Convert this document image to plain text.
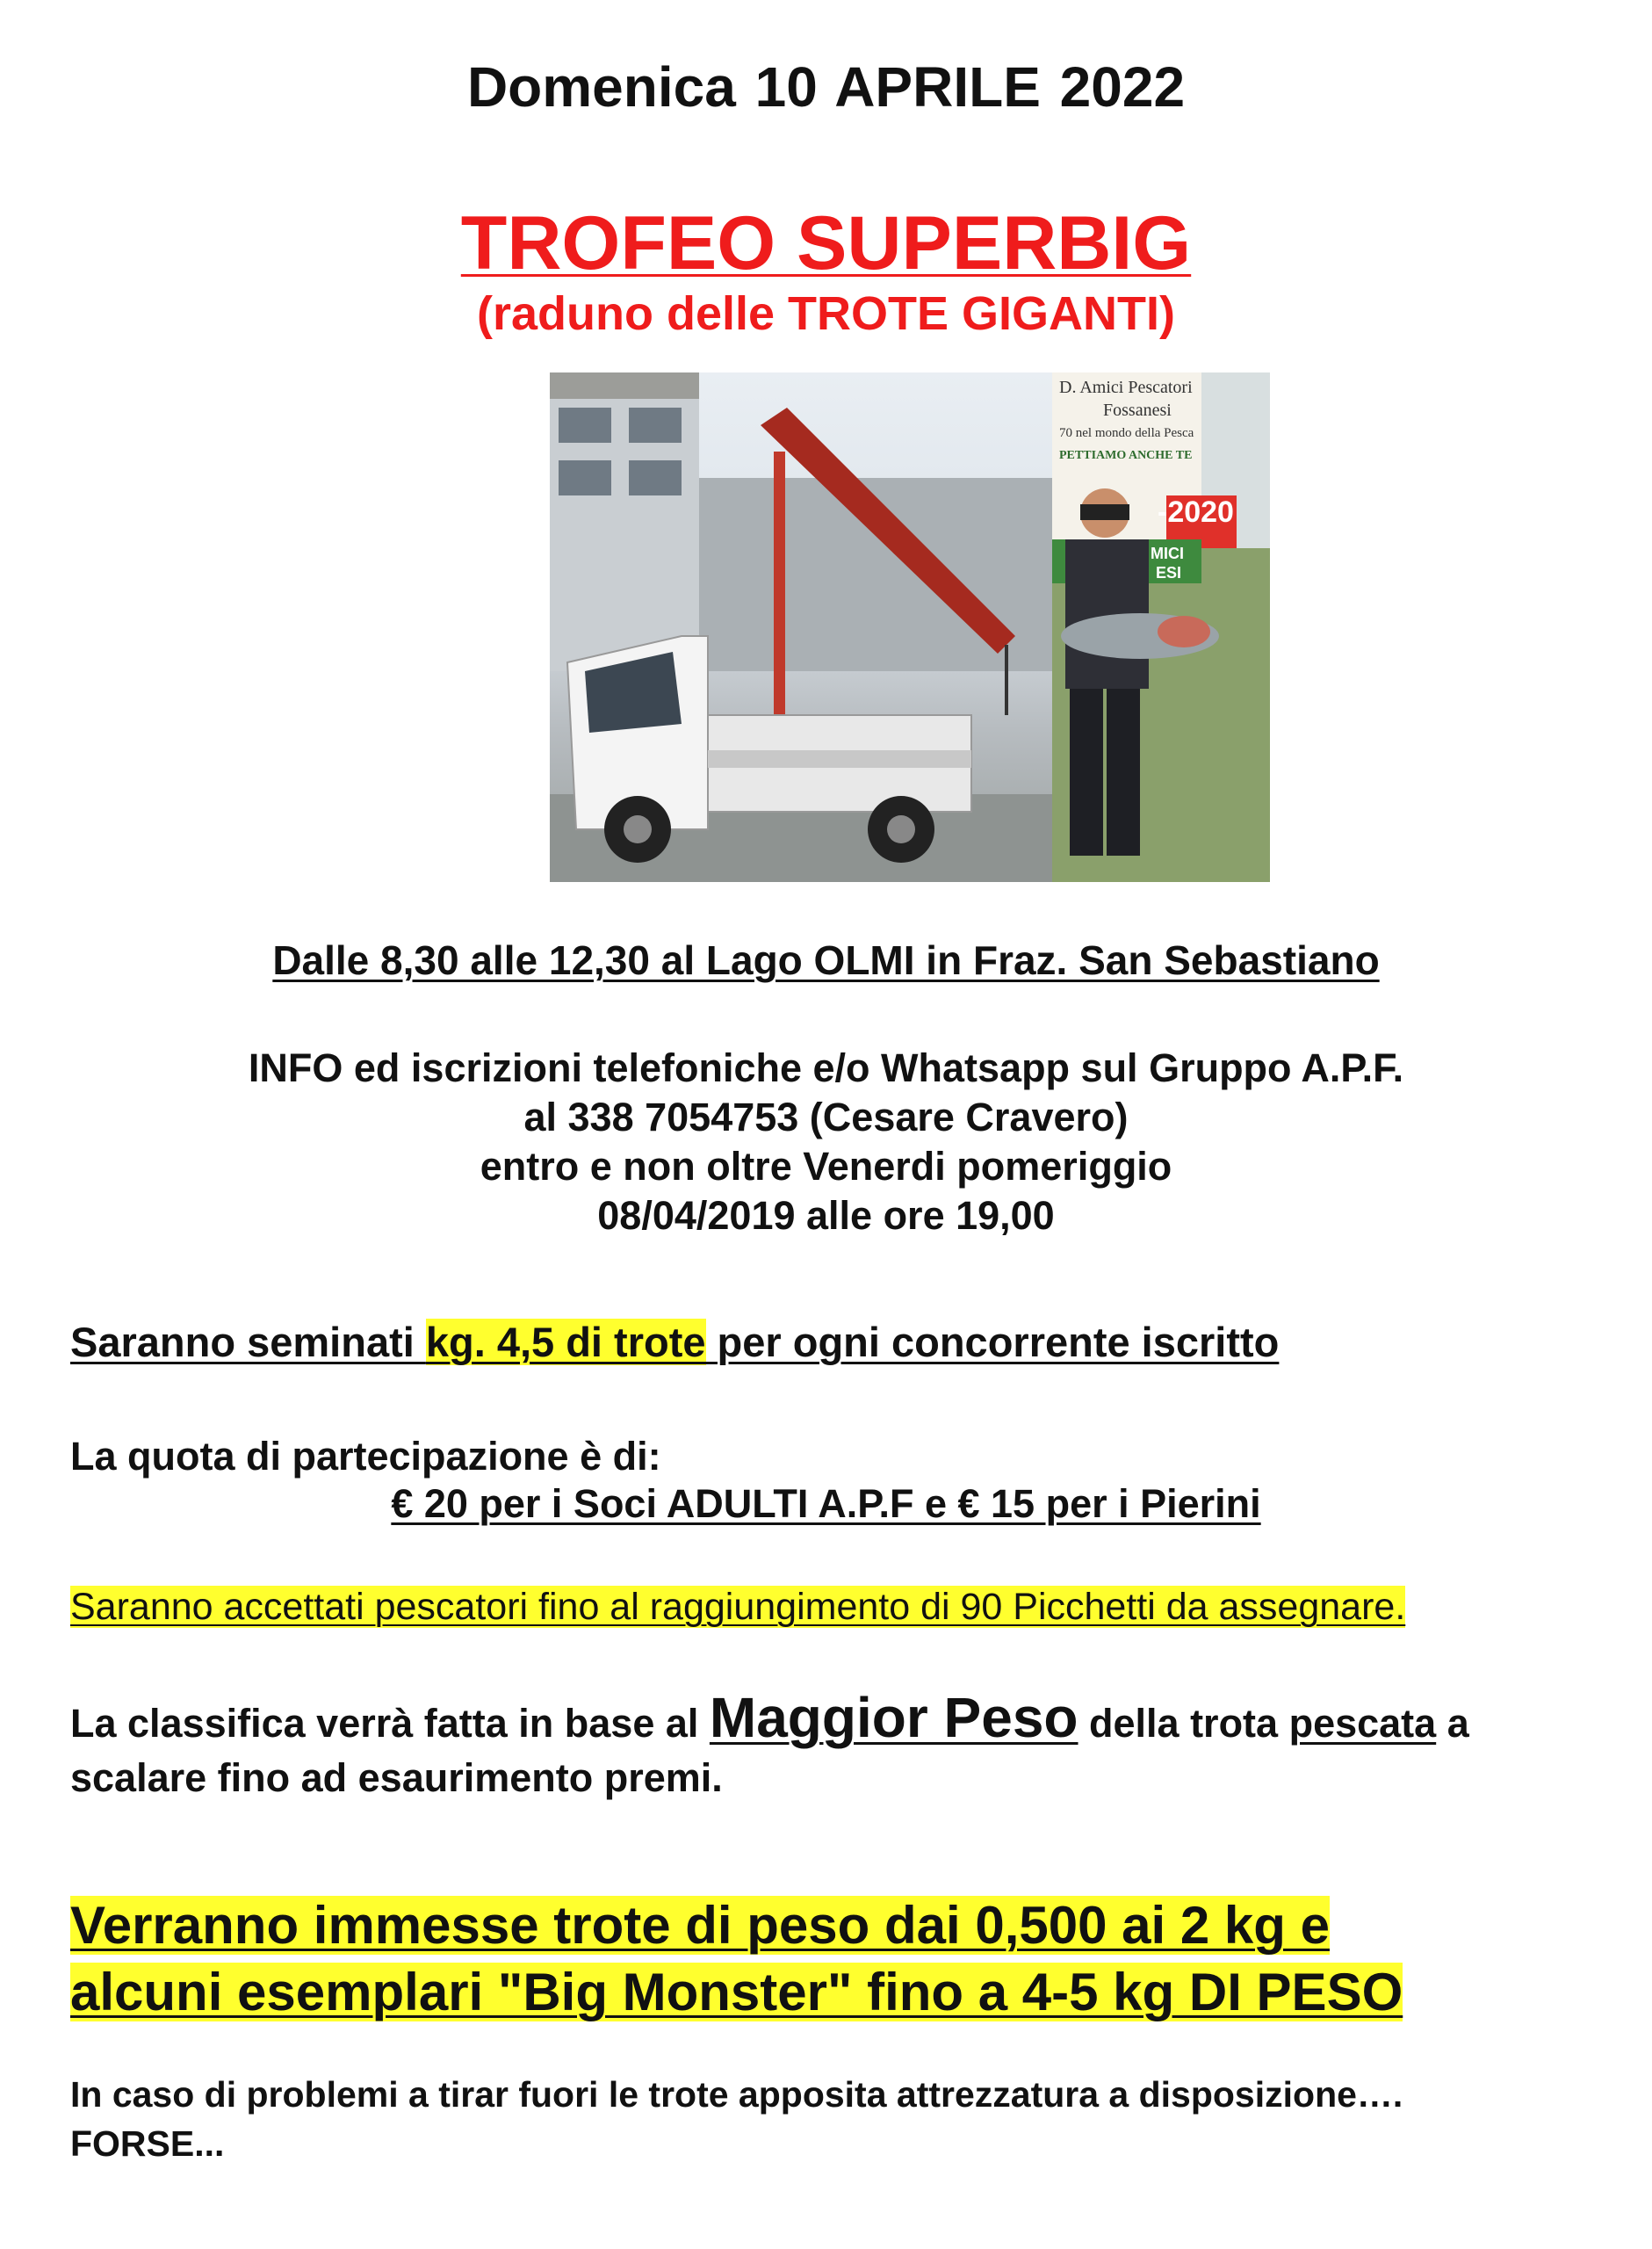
Domenica 10 APRILE 2022
TROFEO SUPERBIG
(raduno delle TROTE GIGANTI)
D. Amici Pescatori
Fossanesi
70 nel mondo della Pesca
PETTIAMO ANCHE TE
-2020
MICI
ESI
Dalle 8,30 alle 12,30 al Lago OLMI in Fraz. San Sebastiano
INFO ed iscrizioni telefoniche e/o Whatsapp sul Gruppo A.P.F.
al 338 7054753 (Cesare Cravero)
entro e non oltre Venerdi pomeriggio
08/04/2019 alle ore 19,00
Saranno seminati kg. 4,5 di trote per ogni concorrente iscritto
La quota di partecipazione è di:
€ 20 per i Soci ADULTI A.P.F e € 15 per i Pierini
Saranno accettati pescatori fino al raggiungimento di 90 Picchetti da assegnare.
La classifica verrà fatta in base al Maggior Peso della trota pescata a scalare fino ad esaurimento premi.
Verranno immesse trote di peso dai 0,500 ai 2 kg e
alcuni esemplari "Big Monster" fino a 4-5 kg DI PESO
In caso di problemi a tirar fuori le trote apposita attrezzatura a disposizione…. FORSE...
